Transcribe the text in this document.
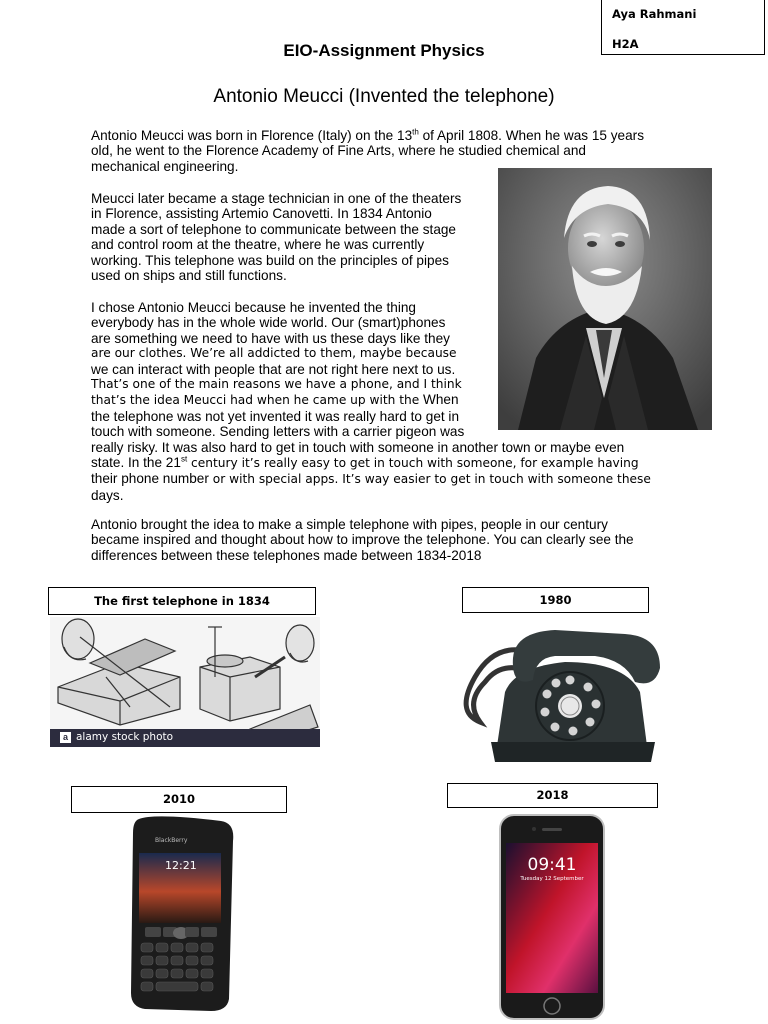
Aya Rahmani
H2A
EIO-Assignment Physics
Antonio Meucci (Invented the telephone)
Antonio Meucci was born in Florence (Italy) on the 13th of April 1808. When he was 15 years
old, he went to the Florence Academy of Fine Arts, where he studied chemical and
mechanical engineering.
Meucci later became a stage technician in one of the theaters
in Florence, assisting Artemio Canovetti. In 1834 Antonio
made a sort of telephone to communicate between the stage
and control room at the theatre, where he was currently
working. This telephone was build on the principles of pipes
used on ships and still functions.
I chose Antonio Meucci because he invented the thing
everybody has in the whole wide world. Our (smart)phones
are something we need to have with us these days like they
are our clothes. We’re all addicted to them, maybe because
we can interact with people that are not right here next to us.
That’s one of the main reasons we have a phone, and I think
that’s the idea Meucci had when he came up with the When
the telephone was not yet invented it was really hard to get in
touch with someone. Sending letters with a carrier pigeon was
really risky. It was also hard to get in touch with someone in another town or maybe even
state. In the 21st century it’s really easy to get in touch with someone, for example having
their phone number or with special apps. It’s way easier to get in touch with someone these
days.
Antonio brought the idea to make a simple telephone with pipes, people in our century
became inspired and thought about how to improve the telephone. You can clearly see the
differences between these telephones made between 1834-2018
The first telephone in 1834	1980
2010	2018
a alamy stock photo
BlackBerry
12:21	09:41
Tuesday 12 September
